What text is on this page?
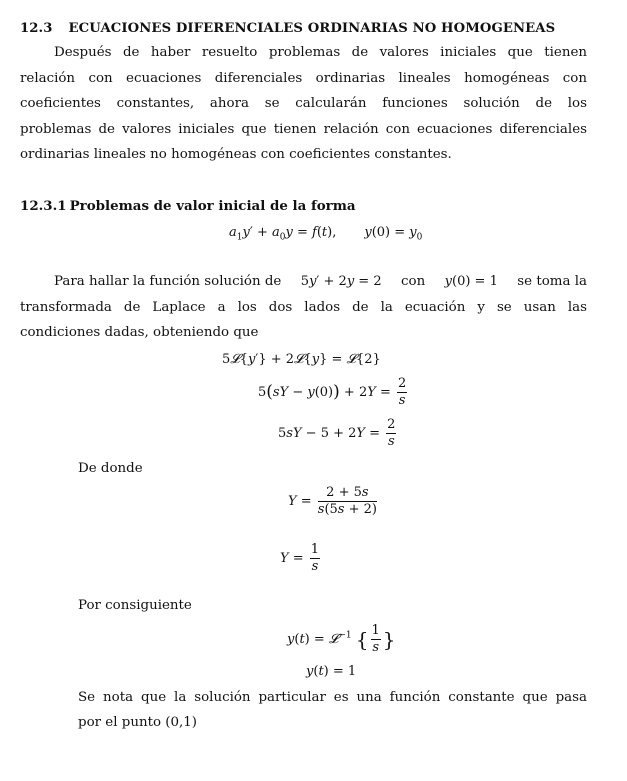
12.3 ECUACIONES DIFERENCIALES ORDINARIAS NO HOMOGENEAS
Después de haber resuelto problemas de valores iniciales que tienen
relación con ecuaciones diferenciales ordinarias lineales homogéneas con
coeficientes constantes, ahora se calcularán funciones solución de los
problemas de valores iniciales que tienen relación con ecuaciones diferenciales
ordinarias lineales no homogéneas con coeficientes constantes.
12.3.1 Problemas de valor inicial de la forma
$a_1y' + a_0y = f(t)$, $y(0) = y_0$
Para hallar la función solución de 5y′ + 2y = 2 con y(0) = 1 se toma la
transformada de Laplace a los dos lados de la ecuación y se usan las
condiciones dadas, obteniendo que
5𝓛{y′} + 2𝓛{y} = 𝓛{2}
$5(sY - y(0)) + 2Y = \frac{2}{s}$
$5sY - 5 + 2Y = \frac{2}{s}$
De donde
$Y = \frac{2 + 5s}{s(5s + 2)}$
$Y = \frac{1}{s}$
Por consiguiente
y(t) = 𝓛$^{-1}$ { $\frac{1}{s}$ }
y(t) = 1
Se nota que la solución particular es una función constante que pasa
por el punto (0,1)
